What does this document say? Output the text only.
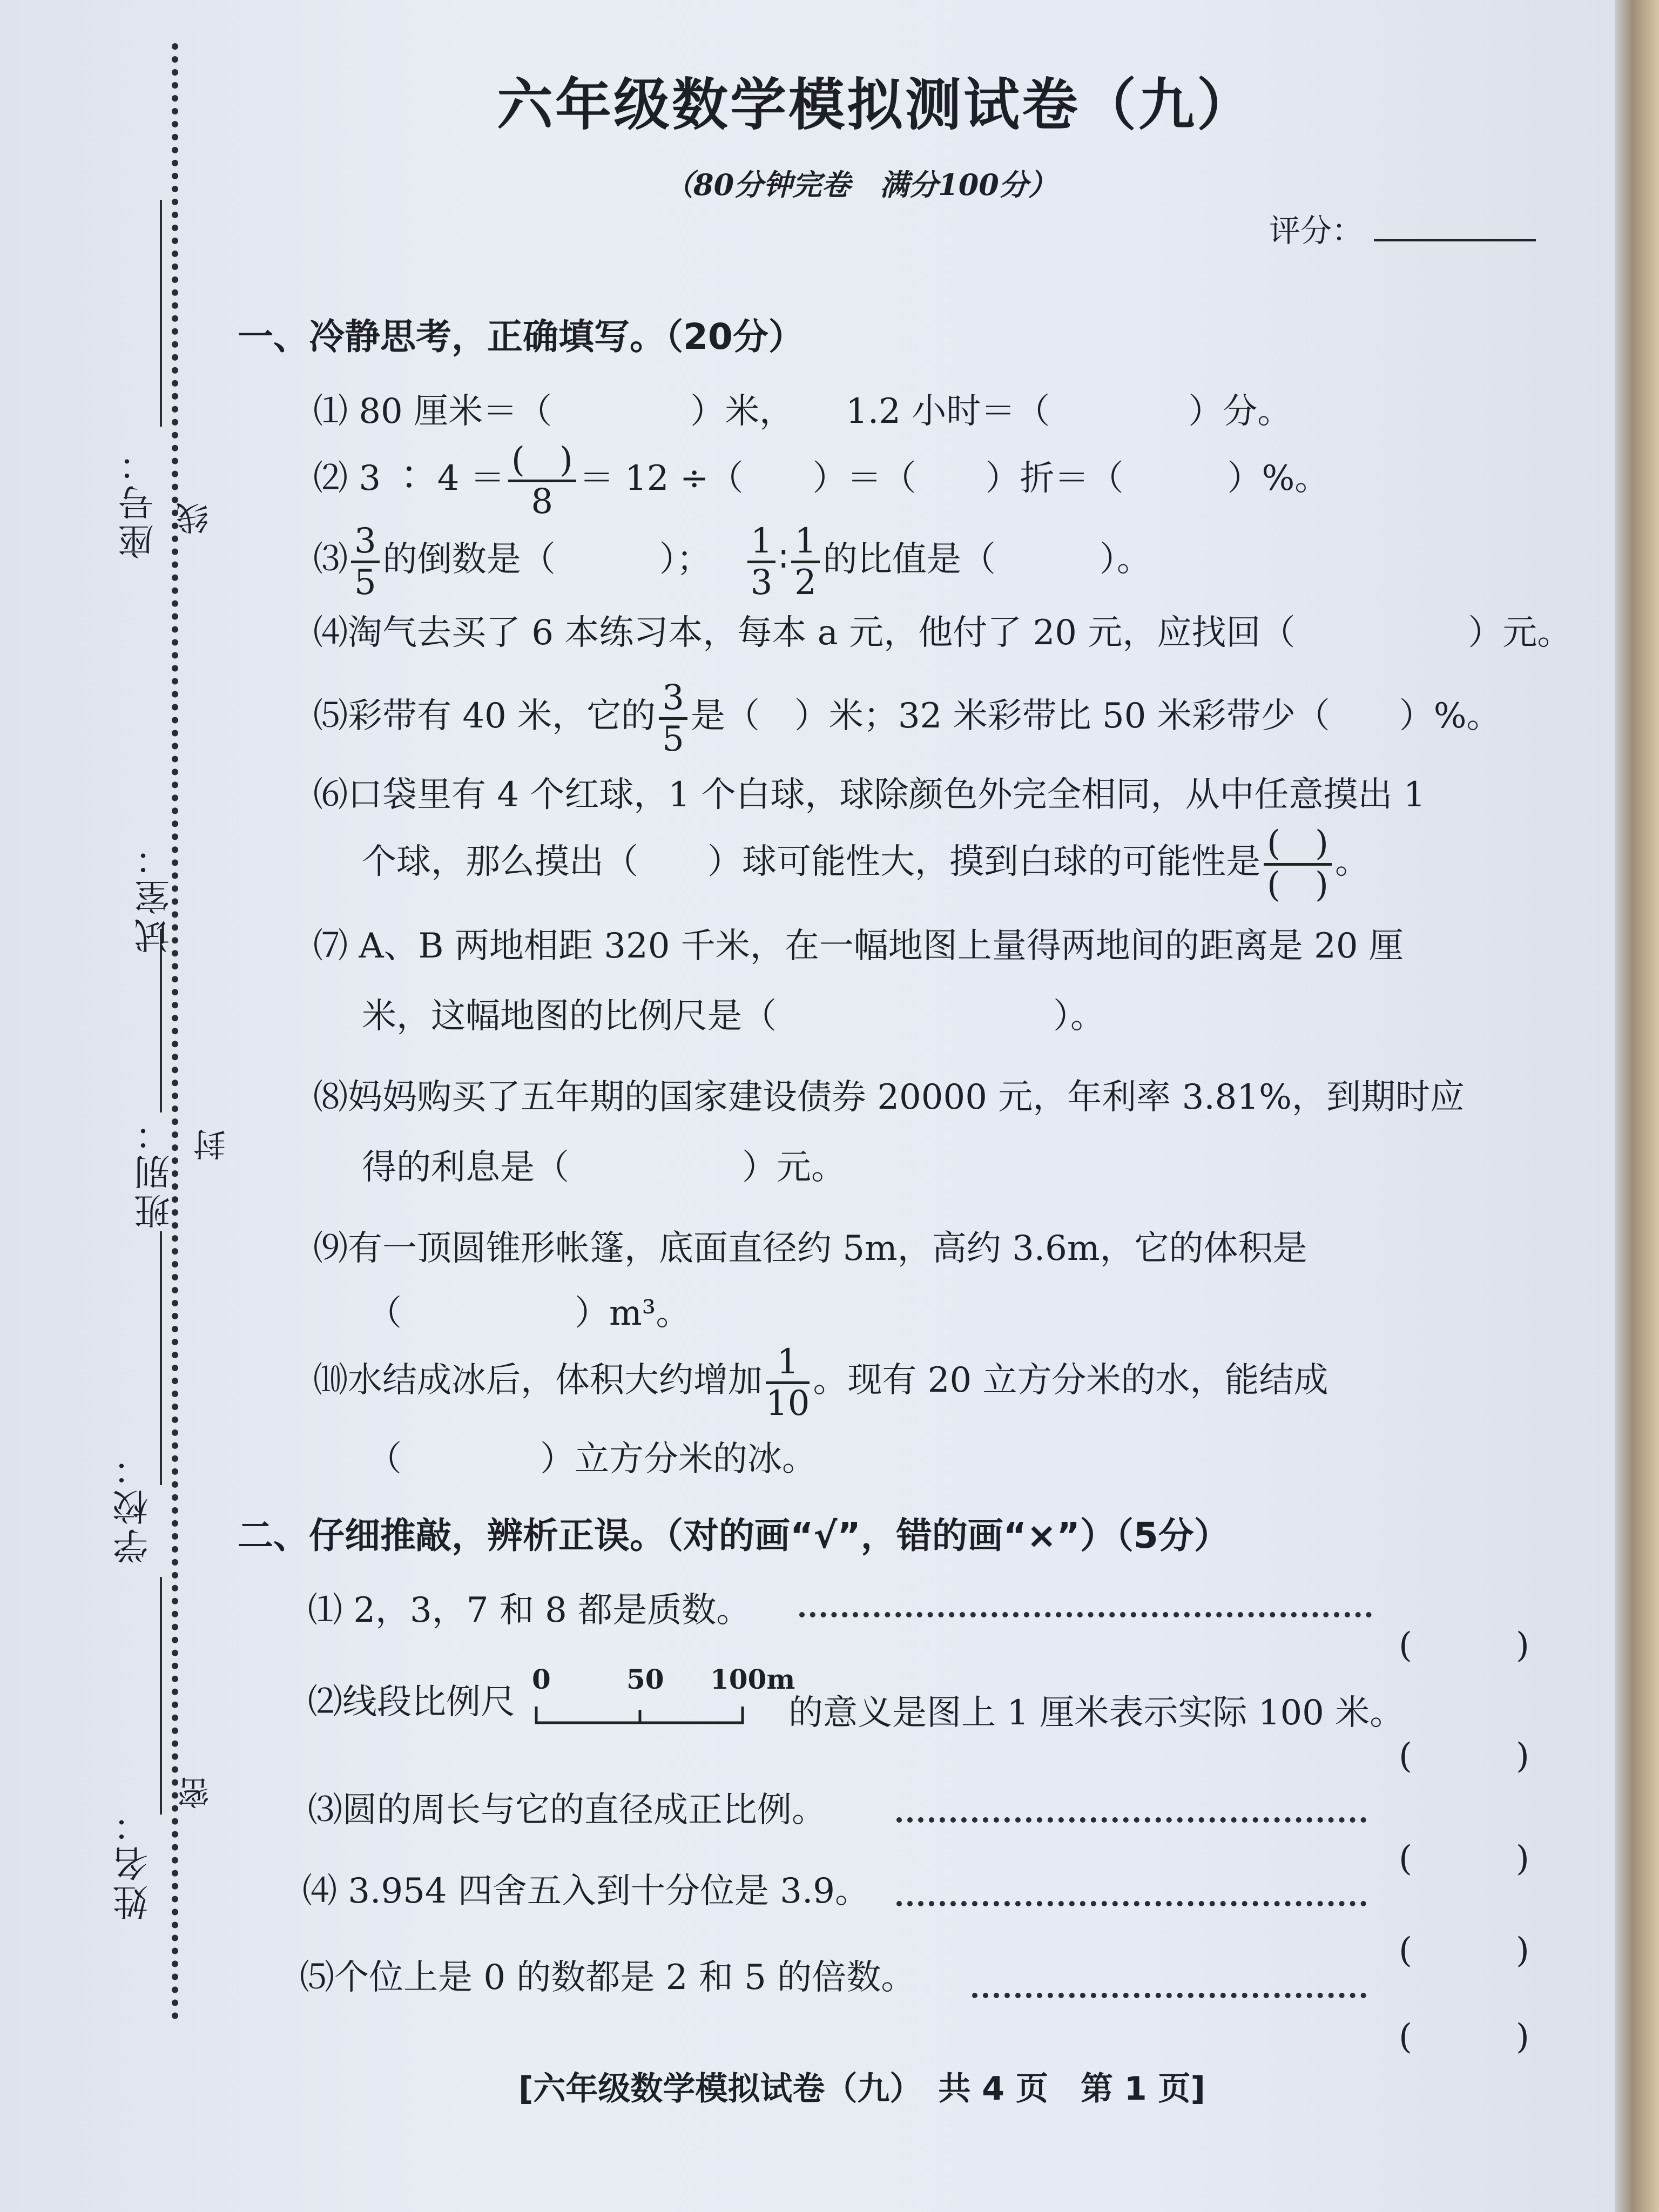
座号：
试室：
班别：
学校：
姓名：
线
封
密
六年级数学模拟测试卷（九）
（80分钟完卷　满分100分）
评分：
一、冷静思考，正确填写。（20分）
⑴ 80 厘米＝（　　　　）米，　　1.2 小时＝（　　　　）分。
⑵ 3 ∶ $4 = \frac{( )}{8} = 12$ ÷（　　）＝（　　）折＝（　　　）%。
⑶ $\frac{3}{5}$ 的倒数是（　　　）； $\frac{1}{3}$ ∶ $\frac{1}{2}$ 的比值是（　　　）。
⑷淘气去买了 6 本练习本，每本 a 元，他付了 20 元，应找回（　　　　　）元。
⑸彩带有 40 米，它的 $\frac{3}{5}$ 是（　）米；32 米彩带比 50 米彩带少（　　）%。
⑹口袋里有 4 个红球，1 个白球，球除颜色外完全相同，从中任意摸出 1
个球，那么摸出（　　）球可能性大，摸到白球的可能性是 $\frac{( )}{( )}$ 。
⑺ A、B 两地相距 320 千米，在一幅地图上量得两地间的距离是 20 厘
米，这幅地图的比例尺是（　　　　　　　　）。
⑻妈妈购买了五年期的国家建设债券 20000 元，年利率 3.81%，到期时应
得的利息是（　　　　　）元。
⑼有一顶圆锥形帐篷，底面直径约 5m，高约 3.6m，它的体积是
（　　　　　）m³。
⑽水结成冰后，体积大约增加 $\frac{1}{10}$ 。现有 20 立方分米的水，能结成
（　　　　）立方分米的冰。
二、仔细推敲，辨析正误。（对的画“√”，错的画“×”）（5分）
⑴ 2，3，7 和 8 都是质数。
(　　　)
⑵线段比例尺
0	50 100m
的意义是图上 1 厘米表示实际 100 米。
(　　　)
⑶圆的周长与它的直径成正比例。
(　　　)
⑷ 3.954 四舍五入到十分位是 3.9。
(　　　)
⑸个位上是 0 的数都是 2 和 5 的倍数。
(　　　)
[六年级数学模拟试卷（九）　共 4 页　第 1 页]
